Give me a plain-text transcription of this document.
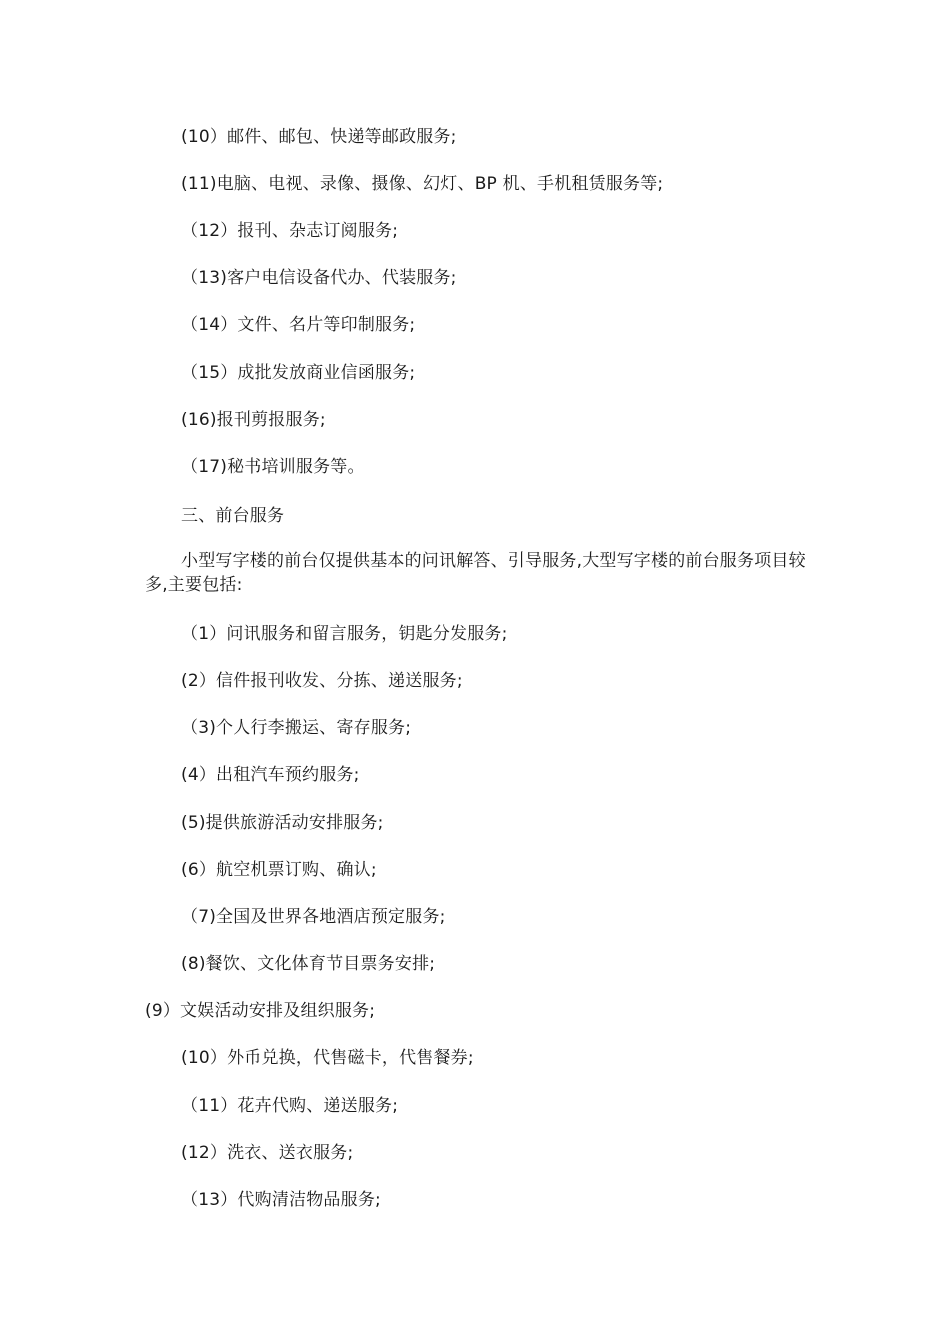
(10）邮件、邮包、快递等邮政服务;
(11)电脑、电视、录像、摄像、幻灯、BP 机、手机租赁服务等;
（12）报刊、杂志订阅服务;
（13)客户电信设备代办、代装服务;
（14）文件、名片等印制服务;
（15）成批发放商业信函服务;
(16)报刊剪报服务;
（17)秘书培训服务等。
三、前台服务
小型写字楼的前台仅提供基本的问讯解答、引导服务,大型写字楼的前台服务项目较多,主要包括:
（1）问讯服务和留言服务，钥匙分发服务;
(2）信件报刊收发、分拣、递送服务;
（3)个人行李搬运、寄存服务;
(4）出租汽车预约服务;
(5)提供旅游活动安排服务;
(6）航空机票订购、确认;
（7)全国及世界各地酒店预定服务;
(8)餐饮、文化体育节目票务安排;
(9）文娱活动安排及组织服务;
(10）外币兑换，代售磁卡，代售餐券;
（11）花卉代购、递送服务;
(12）洗衣、送衣服务;
（13）代购清洁物品服务;
